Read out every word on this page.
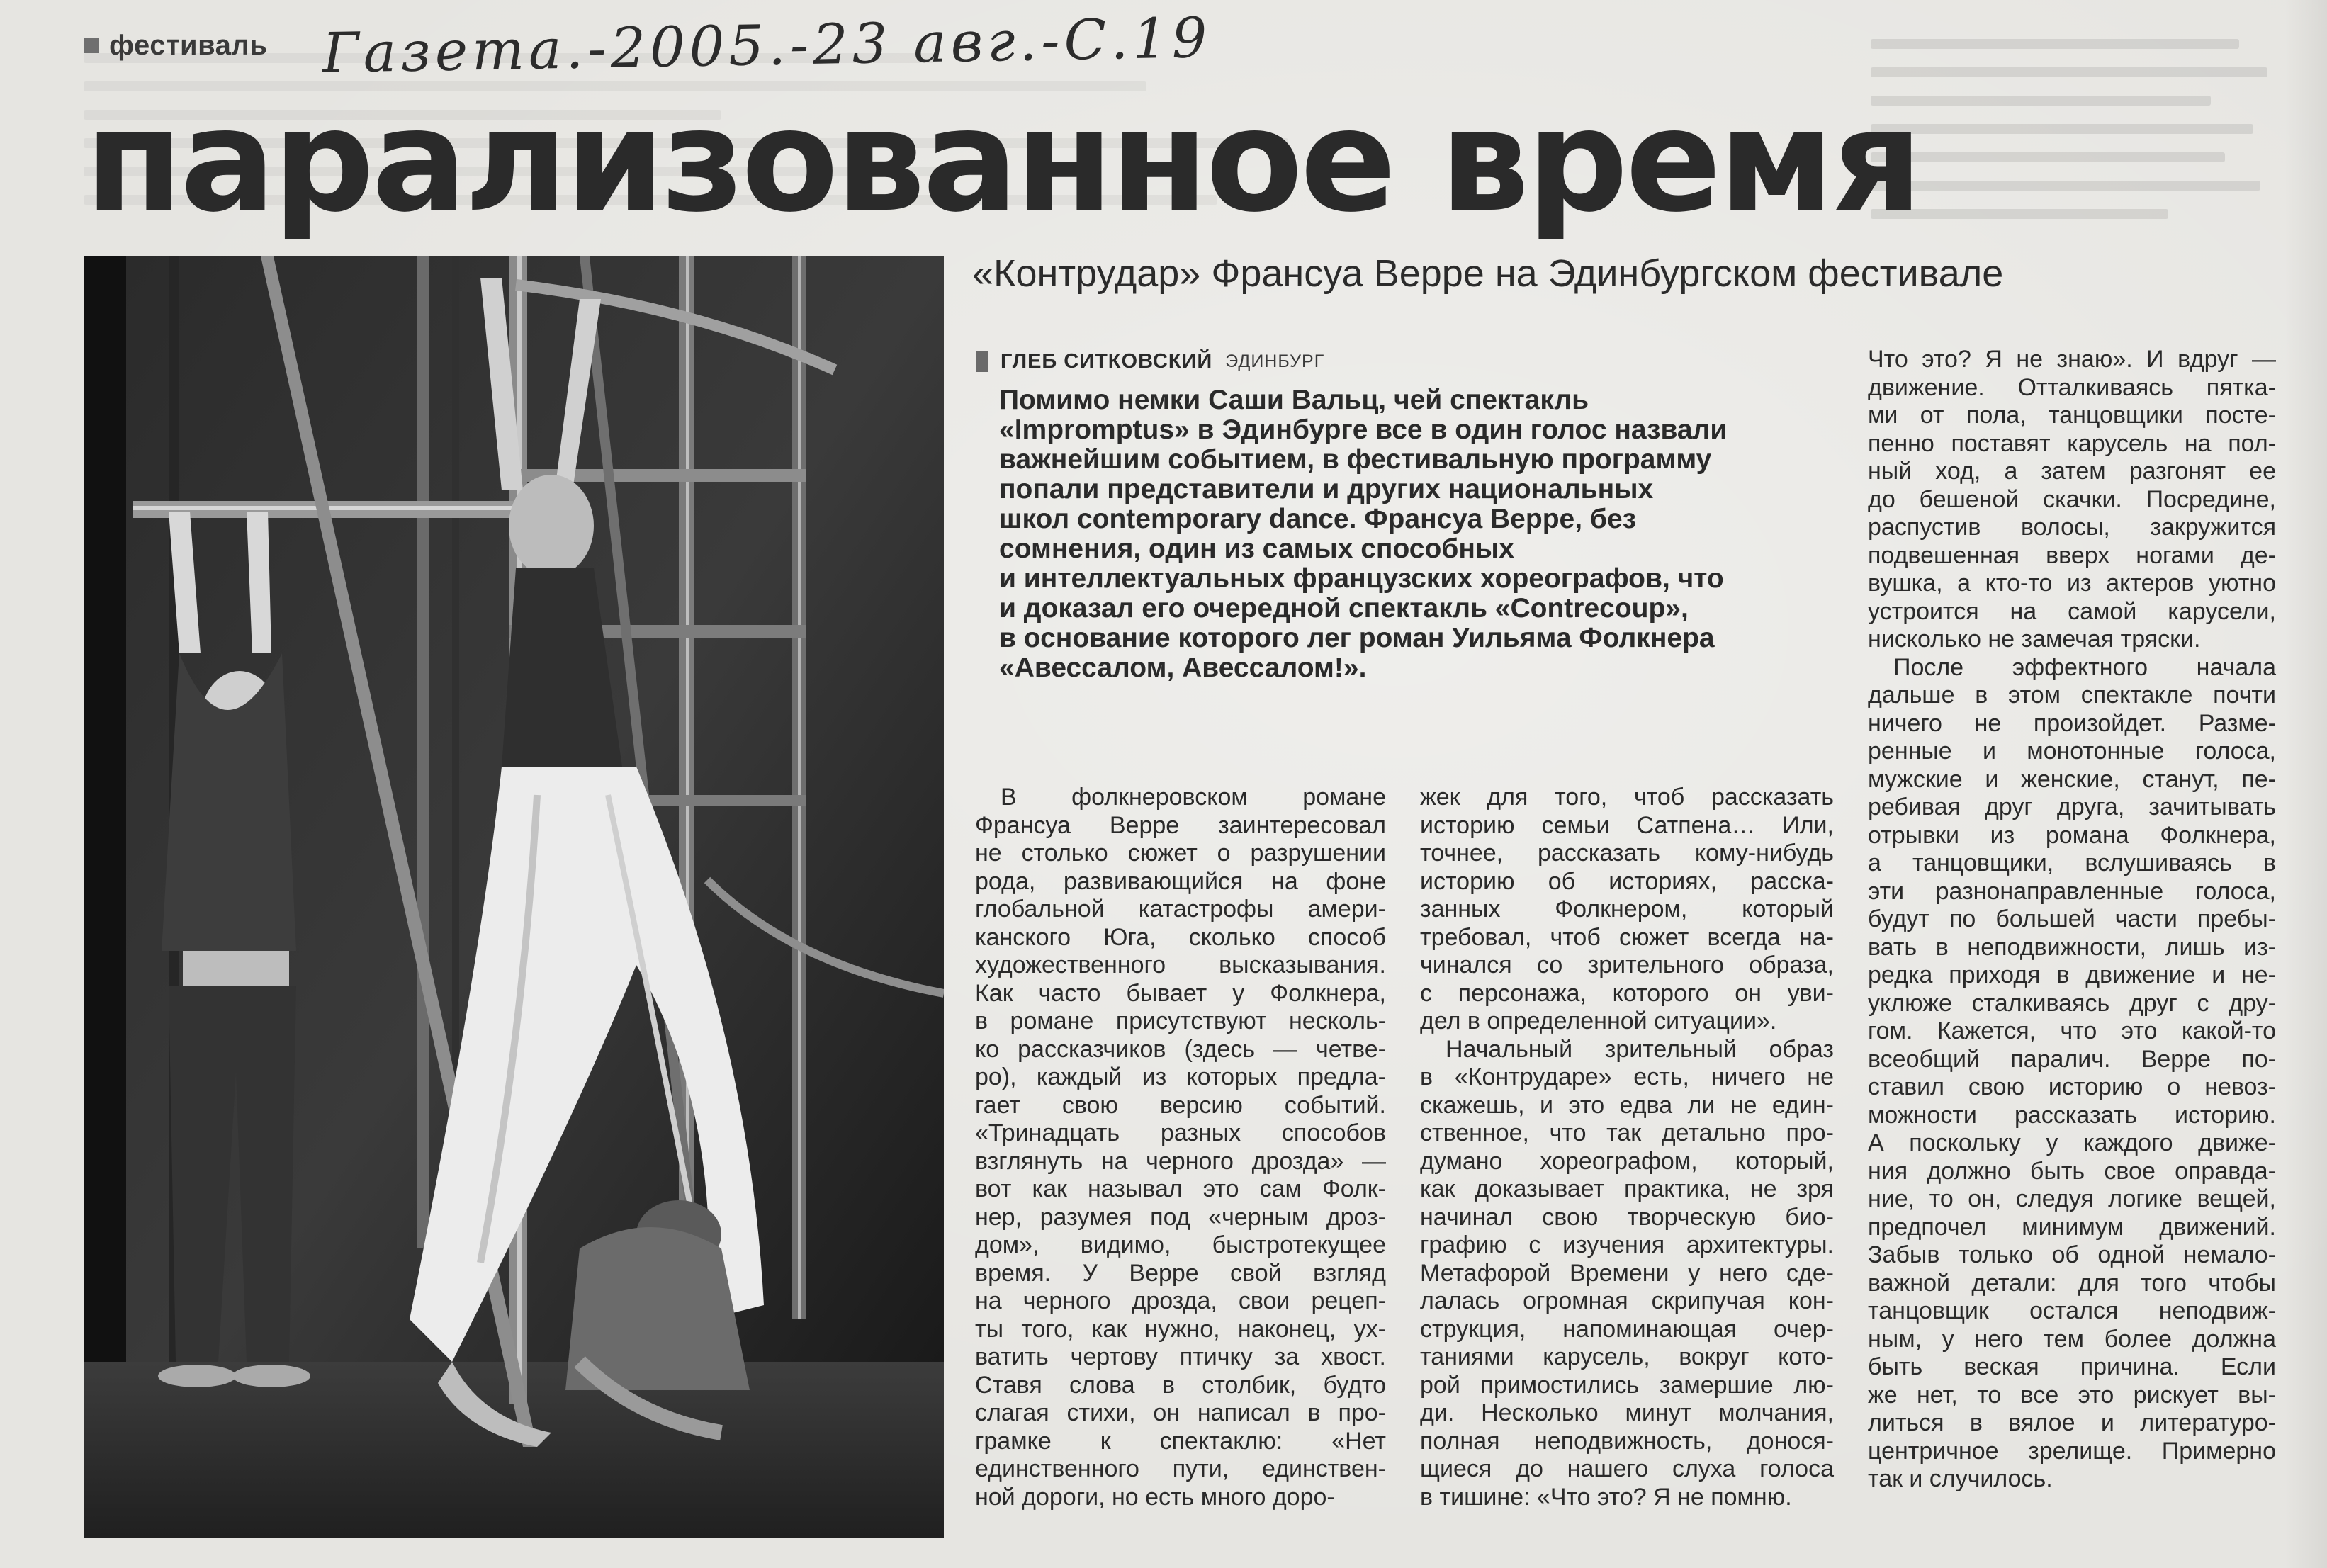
фестиваль Газета.-2005.-23 авг.-С.19
парализованное время
«Контрудар» Франсуа Верре на Эдинбургском фестивале
ГЛЕБ СИТКОВСКИЙ ЭДИНБУРГ
Помимо немки Саши Вальц, чей спектакль
«Impromptus» в Эдинбурге все в один голос назвали
важнейшим событием, в фестивальную программу
попали представители и других национальных
школ contemporary dance. Франсуа Верре, без
сомнения, один из самых способных
и интеллектуальных французских хореографов, что
и доказал его очередной спектакль «Contrecoup»,
в основание которого лег роман Уильяма Фолкнера
«Авессалом, Авессалом!».
В фолкнеровском романе
Франсуа Верре заинтересовал
не столько сюжет о разрушении
рода, развивающийся на фоне
глобальной катастрофы амери-
канского Юга, сколько способ
художественного высказывания.
Как часто бывает у Фолкнера,
в романе присутствуют несколь-
ко рассказчиков (здесь — четве-
ро), каждый из которых предла-
гает свою версию событий.
«Тринадцать разных способов
взглянуть на черного дрозда» —
вот как называл это сам Фолк-
нер, разумея под «черным дроз-
дом», видимо, быстротекущее
время. У Верре свой взгляд
на черного дрозда, свои рецеп-
ты того, как нужно, наконец, ух-
ватить чертову птичку за хвост.
Ставя слова в столбик, будто
слагая стихи, он написал в про-
грамке к спектаклю: «Нет
единственного пути, единствен-
ной дороги, но есть много доро-
жек для того, чтоб рассказать
историю семьи Сатпена… Или,
точнее, рассказать кому-нибудь
историю об историях, расска-
занных Фолкнером, который
требовал, чтоб сюжет всегда на-
чинался со зрительного образа,
с персонажа, которого он уви-
дел в определенной ситуации».
Начальный зрительный образ
в «Контрударе» есть, ничего не
скажешь, и это едва ли не един-
ственное, что так детально про-
думано хореографом, который,
как доказывает практика, не зря
начинал свою творческую био-
графию с изучения архитектуры.
Метафорой Времени у него сде-
лалась огромная скрипучая кон-
струкция, напоминающая очер-
таниями карусель, вокруг кото-
рой примостились замершие лю-
ди. Несколько минут молчания,
полная неподвижность, донося-
щиеся до нашего слуха голоса
в тишине: «Что это? Я не помню.
Что это? Я не знаю». И вдруг —
движение. Отталкиваясь пятка-
ми от пола, танцовщики посте-
пенно поставят карусель на пол-
ный ход, а затем разгонят ее
до бешеной скачки. Посредине,
распустив волосы, закружится
подвешенная вверх ногами де-
вушка, а кто-то из актеров уютно
устроится на самой карусели,
нисколько не замечая тряски.
После эффектного начала
дальше в этом спектакле почти
ничего не произойдет. Разме-
ренные и монотонные голоса,
мужские и женские, станут, пе-
ребивая друг друга, зачитывать
отрывки из романа Фолкнера,
а танцовщики, вслушиваясь в
эти разнонаправленные голоса,
будут по большей части пребы-
вать в неподвижности, лишь из-
редка приходя в движение и не-
уклюже сталкиваясь друг с дру-
гом. Кажется, что это какой-то
всеобщий паралич. Верре по-
ставил свою историю о невоз-
можности рассказать историю.
А поскольку у каждого движе-
ния должно быть свое оправда-
ние, то он, следуя логике вещей,
предпочел минимум движений.
Забыв только об одной немало-
важной детали: для того чтобы
танцовщик остался неподвиж-
ным, у него тем более должна
быть веская причина. Если
же нет, то все это рискует вы-
литься в вялое и литературо-
центричное зрелище. Примерно
так и случилось.
